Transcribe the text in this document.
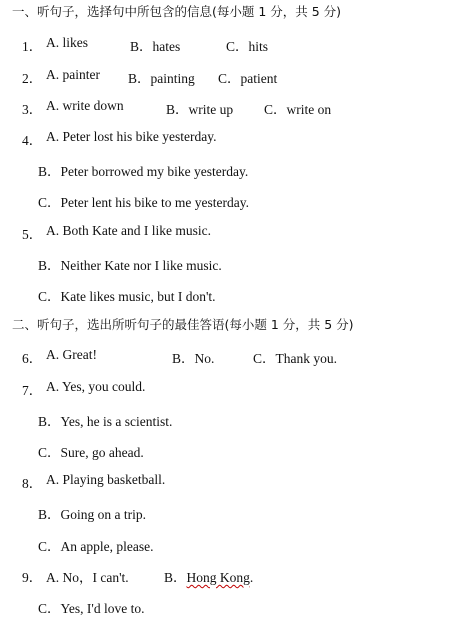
一、听句子，选择句中所包含的信息(每小题 1 分，共 5 分)
1． A. likes	B．hates	C．hits
2． A. painter B．painting C．patient
3． A. write down	B．write up C．write on
4． A. Peter lost his bike yesterday.
B．Peter borrowed my bike yesterday.
C．Peter lent his bike to me yesterday.
5． A. Both Kate and I like music.
B．Neither Kate nor I like music.
C．Kate likes music, but I don't.
二、听句子，选出所听句子的最佳答语(每小题 1 分，共 5 分)
6． A. Great!	B．No.	C．Thank you.
7． A. Yes, you could.
B．Yes, he is a scientist.
C．Sure, go ahead.
8． A. Playing basketball.
B．Going on a trip.
C．An apple, please.
9． A. No，I can't.	B．Hong Kong.
C．Yes, I'd love to.
